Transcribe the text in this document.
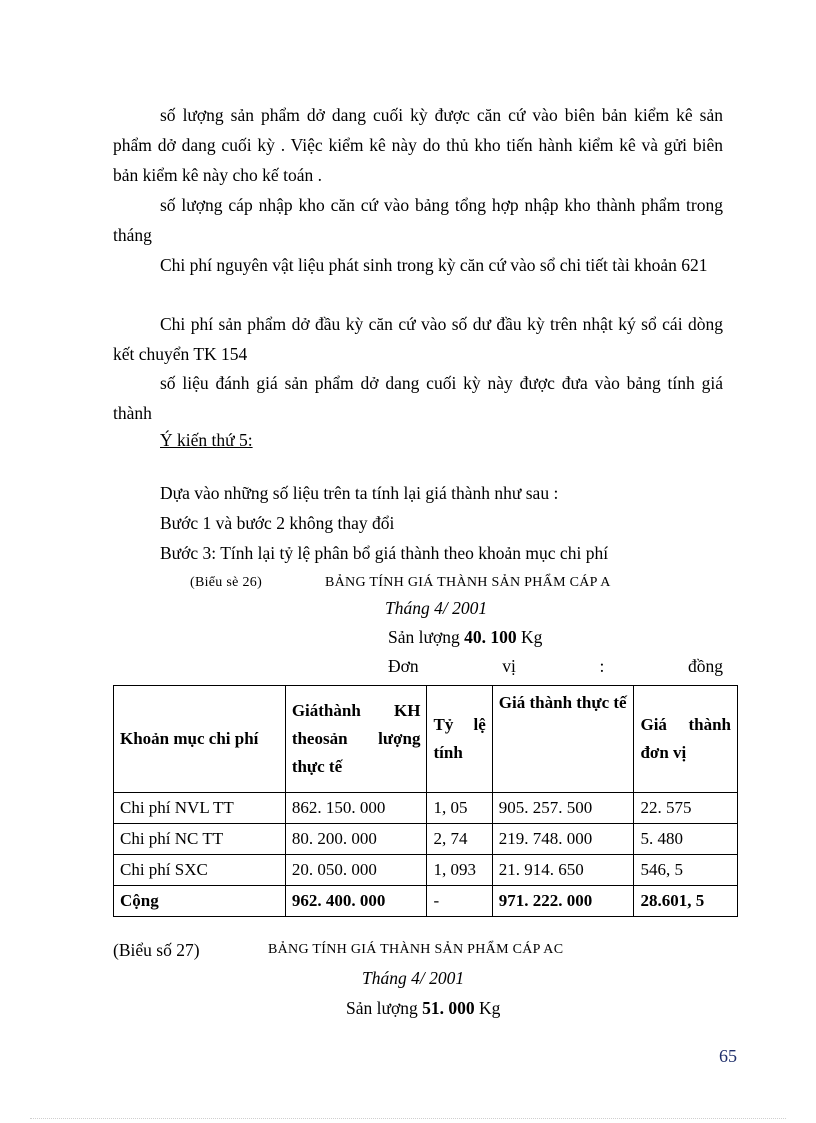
số lượng sản phẩm dở dang cuối kỳ được căn cứ vào biên bản kiểm kê sản phẩm dở dang cuối kỳ . Việc kiểm kê này do thủ kho tiến hành kiểm kê và gửi biên bản kiểm kê này cho kế toán .
số lượng cáp nhập kho căn cứ vào bảng tổng hợp nhập kho thành phẩm trong tháng
Chi phí nguyên vật liệu phát sinh trong kỳ căn cứ vào sổ chi tiết tài khoản 621
Chi phí sản phẩm dở đầu kỳ căn cứ vào số dư đầu kỳ trên nhật ký sổ cái dòng kết chuyển TK 154
số liệu đánh giá sản phẩm dở dang cuối kỳ này được đưa vào bảng tính giá thành
Ý kiến thứ 5:
Dựa vào những số liệu trên ta tính lại giá thành như sau :
Bước 1 và bước 2 không thay đổi
Bước 3: Tính lại tỷ lệ phân bổ giá thành theo khoản mục chi phí
(Biểu sè 26)	BẢNG TÍNH GIÁ THÀNH SẢN PHẨM CÁP A
Tháng 4/ 2001
Sản lượng 40. 100 Kg
Đơn	vị	:	đồng
Khoản mục chi phí	Giáthành KH theosản lượng thực tế	Tỷ lệ tính	Giá thành thực tế	Giá thành đơn vị
Chi phí NVL TT	862. 150. 000	1, 05	905. 257. 500	22. 575
Chi phí NC TT	80. 200. 000	2, 74	219. 748. 000	5. 480
Chi phí SXC	20. 050. 000	1, 093	21. 914. 650	546, 5
Cộng	962. 400. 000	-	971. 222. 000	28.601, 5
(Biểu số 27)	BẢNG TÍNH GIÁ THÀNH SẢN PHẨM CÁP AC
Tháng 4/ 2001
Sản lượng 51. 000 Kg
65
